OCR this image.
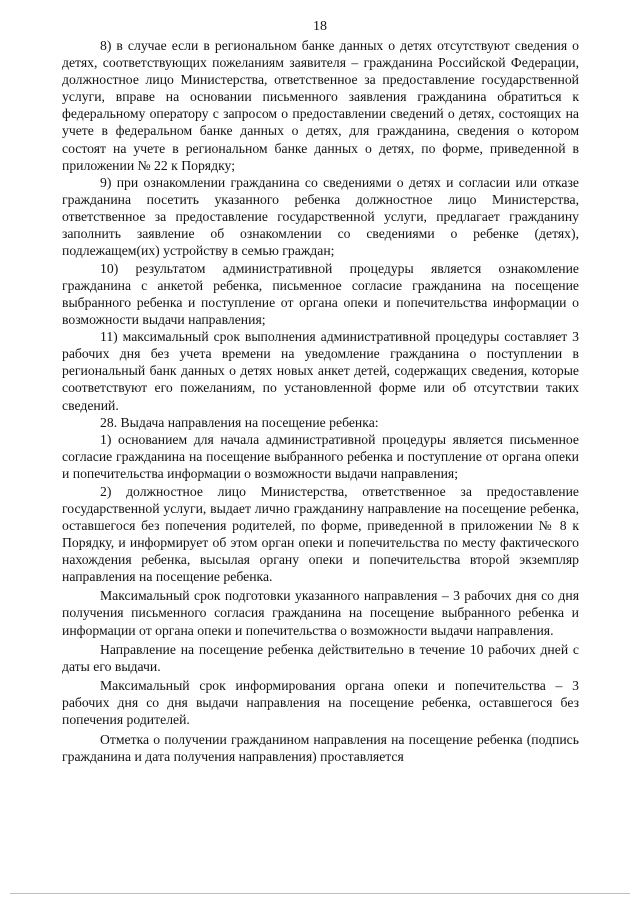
18

8) в случае если в региональном банке данных о детях отсутствуют сведения о детях, соответствующих пожеланиям заявителя – гражданина Российской Федерации, должностное лицо Министерства, ответственное за предоставление государственной услуги, вправе на основании письменного заявления гражданина обратиться к федеральному оператору с запросом о предоставлении сведений о детях, состоящих на учете в федеральном банке данных о детях, для гражданина, сведения о котором состоят на учете в региональном банке данных о детях, по форме, приведенной в приложении № 22 к Порядку;

9) при ознакомлении гражданина со сведениями о детях и согласии или отказе гражданина посетить указанного ребенка должностное лицо Министерства, ответственное за предоставление государственной услуги, предлагает гражданину заполнить заявление об ознакомлении со сведениями о ребенке (детях), подлежащем(их) устройству в семью граждан;

10) результатом административной процедуры является ознакомление гражданина с анкетой ребенка, письменное согласие гражданина на посещение выбранного ребенка и поступление от органа опеки и попечительства информации о возможности выдачи направления;

11) максимальный срок выполнения административной процедуры составляет 3 рабочих дня без учета времени на уведомление гражданина о поступлении в региональный банк данных о детях новых анкет детей, содержащих сведения, которые соответствуют его пожеланиям, по установленной форме или об отсутствии таких сведений.

28. Выдача направления на посещение ребенка:

1) основанием для начала административной процедуры является письменное согласие гражданина на посещение выбранного ребенка и поступление от органа опеки и попечительства информации о возможности выдачи направления;

2) должностное лицо Министерства, ответственное за предоставление государственной услуги, выдает лично гражданину направление на посещение ребенка, оставшегося без попечения родителей, по форме, приведенной в приложении № 8 к Порядку, и информирует об этом орган опеки и попечительства по месту фактического нахождения ребенка, высылая органу опеки и попечительства второй экземпляр направления на посещение ребенка.

Максимальный срок подготовки указанного направления – 3 рабочих дня со дня получения письменного согласия гражданина на посещение выбранного ребенка и информации от органа опеки и попечительства о возможности выдачи направления.

Направление на посещение ребенка действительно в течение 10 рабочих дней с даты его выдачи.

Максимальный срок информирования органа опеки и попечительства – 3 рабочих дня со дня выдачи направления на посещение ребенка, оставшегося без попечения родителей.

Отметка о получении гражданином направления на посещение ребенка (подпись гражданина и дата получения направления) проставляется
